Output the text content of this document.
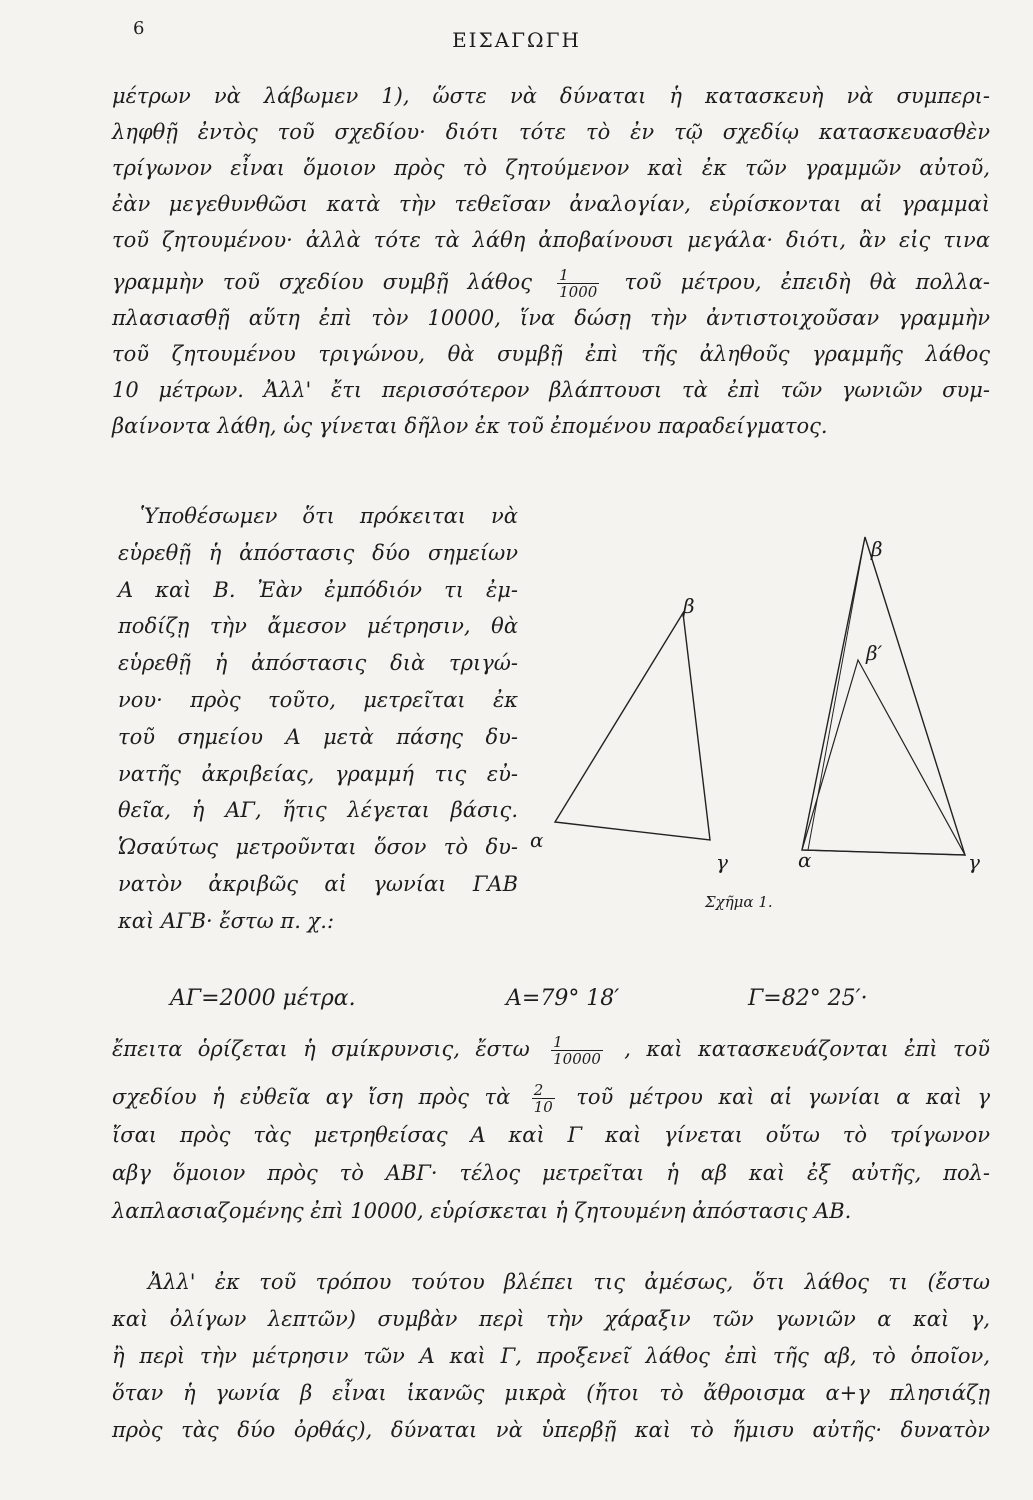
6	ΕΙΣΑΓΩΓΗ
μέτρων νὰ λάβωμεν 1), ὥστε νὰ δύναται ἡ κατασκευὴ νὰ συμπερι-
ληφθῇ ἐντὸς τοῦ σχεδίου· διότι τότε τὸ ἐν τῷ σχεδίῳ κατασκευασθὲν
τρίγωνον εἶναι ὅμοιον πρὸς τὸ ζητούμενον καὶ ἐκ τῶν γραμμῶν αὐτοῦ,
ἐὰν μεγεθυνθῶσι κατὰ τὴν τεθεῖσαν ἀναλογίαν, εὑρίσκονται αἱ γραμμαὶ
τοῦ ζητουμένου· ἀλλὰ τότε τὰ λάθη ἀποβαίνουσι μεγάλα· διότι, ἂν εἰς τινα
γραμμὴν τοῦ σχεδίου συμβῇ λάθος $\frac{1}{1000}$ τοῦ μέτρου, ἐπειδὴ θὰ πολλα-
πλασιασθῇ αὕτη ἐπὶ τὸν 10000, ἵνα δώσῃ τὴν ἀντιστοιχοῦσαν γραμμὴν
τοῦ ζητουμένου τριγώνου, θὰ συμβῇ ἐπὶ τῆς ἀληθοῦς γραμμῆς λάθος
10 μέτρων. Ἀλλ' ἔτι περισσότερον βλάπτουσι τὰ ἐπὶ τῶν γωνιῶν συμ-
βαίνοντα λάθη, ὡς γίνεται δῆλον ἐκ τοῦ ἐπομένου παραδείγματος.
Ὑποθέσωμεν ὅτι πρόκειται νὰ
εὑρεθῇ ἡ ἀπόστασις δύο σημείων
Α καὶ Β. Ἐὰν ἐμπόδιόν τι ἐμ-
ποδίζῃ τὴν ἄμεσον μέτρησιν, θὰ
εὑρεθῇ ἡ ἀπόστασις διὰ τριγώ-
νου· πρὸς τοῦτο, μετρεῖται ἐκ
τοῦ σημείου Α μετὰ πάσης δυ-
νατῆς ἀκριβείας, γραμμή τις εὐ-
θεῖα, ἡ ΑΓ, ἥτις λέγεται βάσις.
Ὡσαύτως μετροῦνται ὅσον τὸ δυ-
νατὸν ἀκριβῶς αἱ γωνίαι ΓΑΒ
καὶ ΑΓΒ· ἔστω π. χ.:
α
β
γ
β
β′
α	γ
Σχῆμα 1.
ΑΓ=2000 μέτρα.	Α=79° 18′	Γ=82° 25′·
ἔπειτα ὁρίζεται ἡ σμίκρυνσις, ἔστω $\frac{1}{10000}$ , καὶ κατασκευάζονται ἐπὶ τοῦ
σχεδίου ἡ εὐθεῖα αγ ἴση πρὸς τὰ $\frac{2}{10}$ τοῦ μέτρου καὶ αἱ γωνίαι α καὶ γ
ἴσαι πρὸς τὰς μετρηθείσας Α καὶ Γ καὶ γίνεται οὕτω τὸ τρίγωνον
αβγ ὅμοιον πρὸς τὸ ΑΒΓ· τέλος μετρεῖται ἡ αβ καὶ ἐξ αὐτῆς, πολ-
λαπλασιαζομένης ἐπὶ 10000, εὑρίσκεται ἡ ζητουμένη ἀπόστασις ΑΒ.
Ἀλλ' ἐκ τοῦ τρόπου τούτου βλέπει τις ἀμέσως, ὅτι λάθος τι (ἔστω
καὶ ὀλίγων λεπτῶν) συμβὰν περὶ τὴν χάραξιν τῶν γωνιῶν α καὶ γ,
ἢ περὶ τὴν μέτρησιν τῶν Α καὶ Γ, προξενεῖ λάθος ἐπὶ τῆς αβ, τὸ ὁποῖον,
ὅταν ἡ γωνία β εἶναι ἱκανῶς μικρὰ (ἤτοι τὸ ἄθροισμα α+γ πλησιάζῃ
πρὸς τὰς δύο ὀρθάς), δύναται νὰ ὑπερβῇ καὶ τὸ ἥμισυ αὐτῆς· δυνατὸν
